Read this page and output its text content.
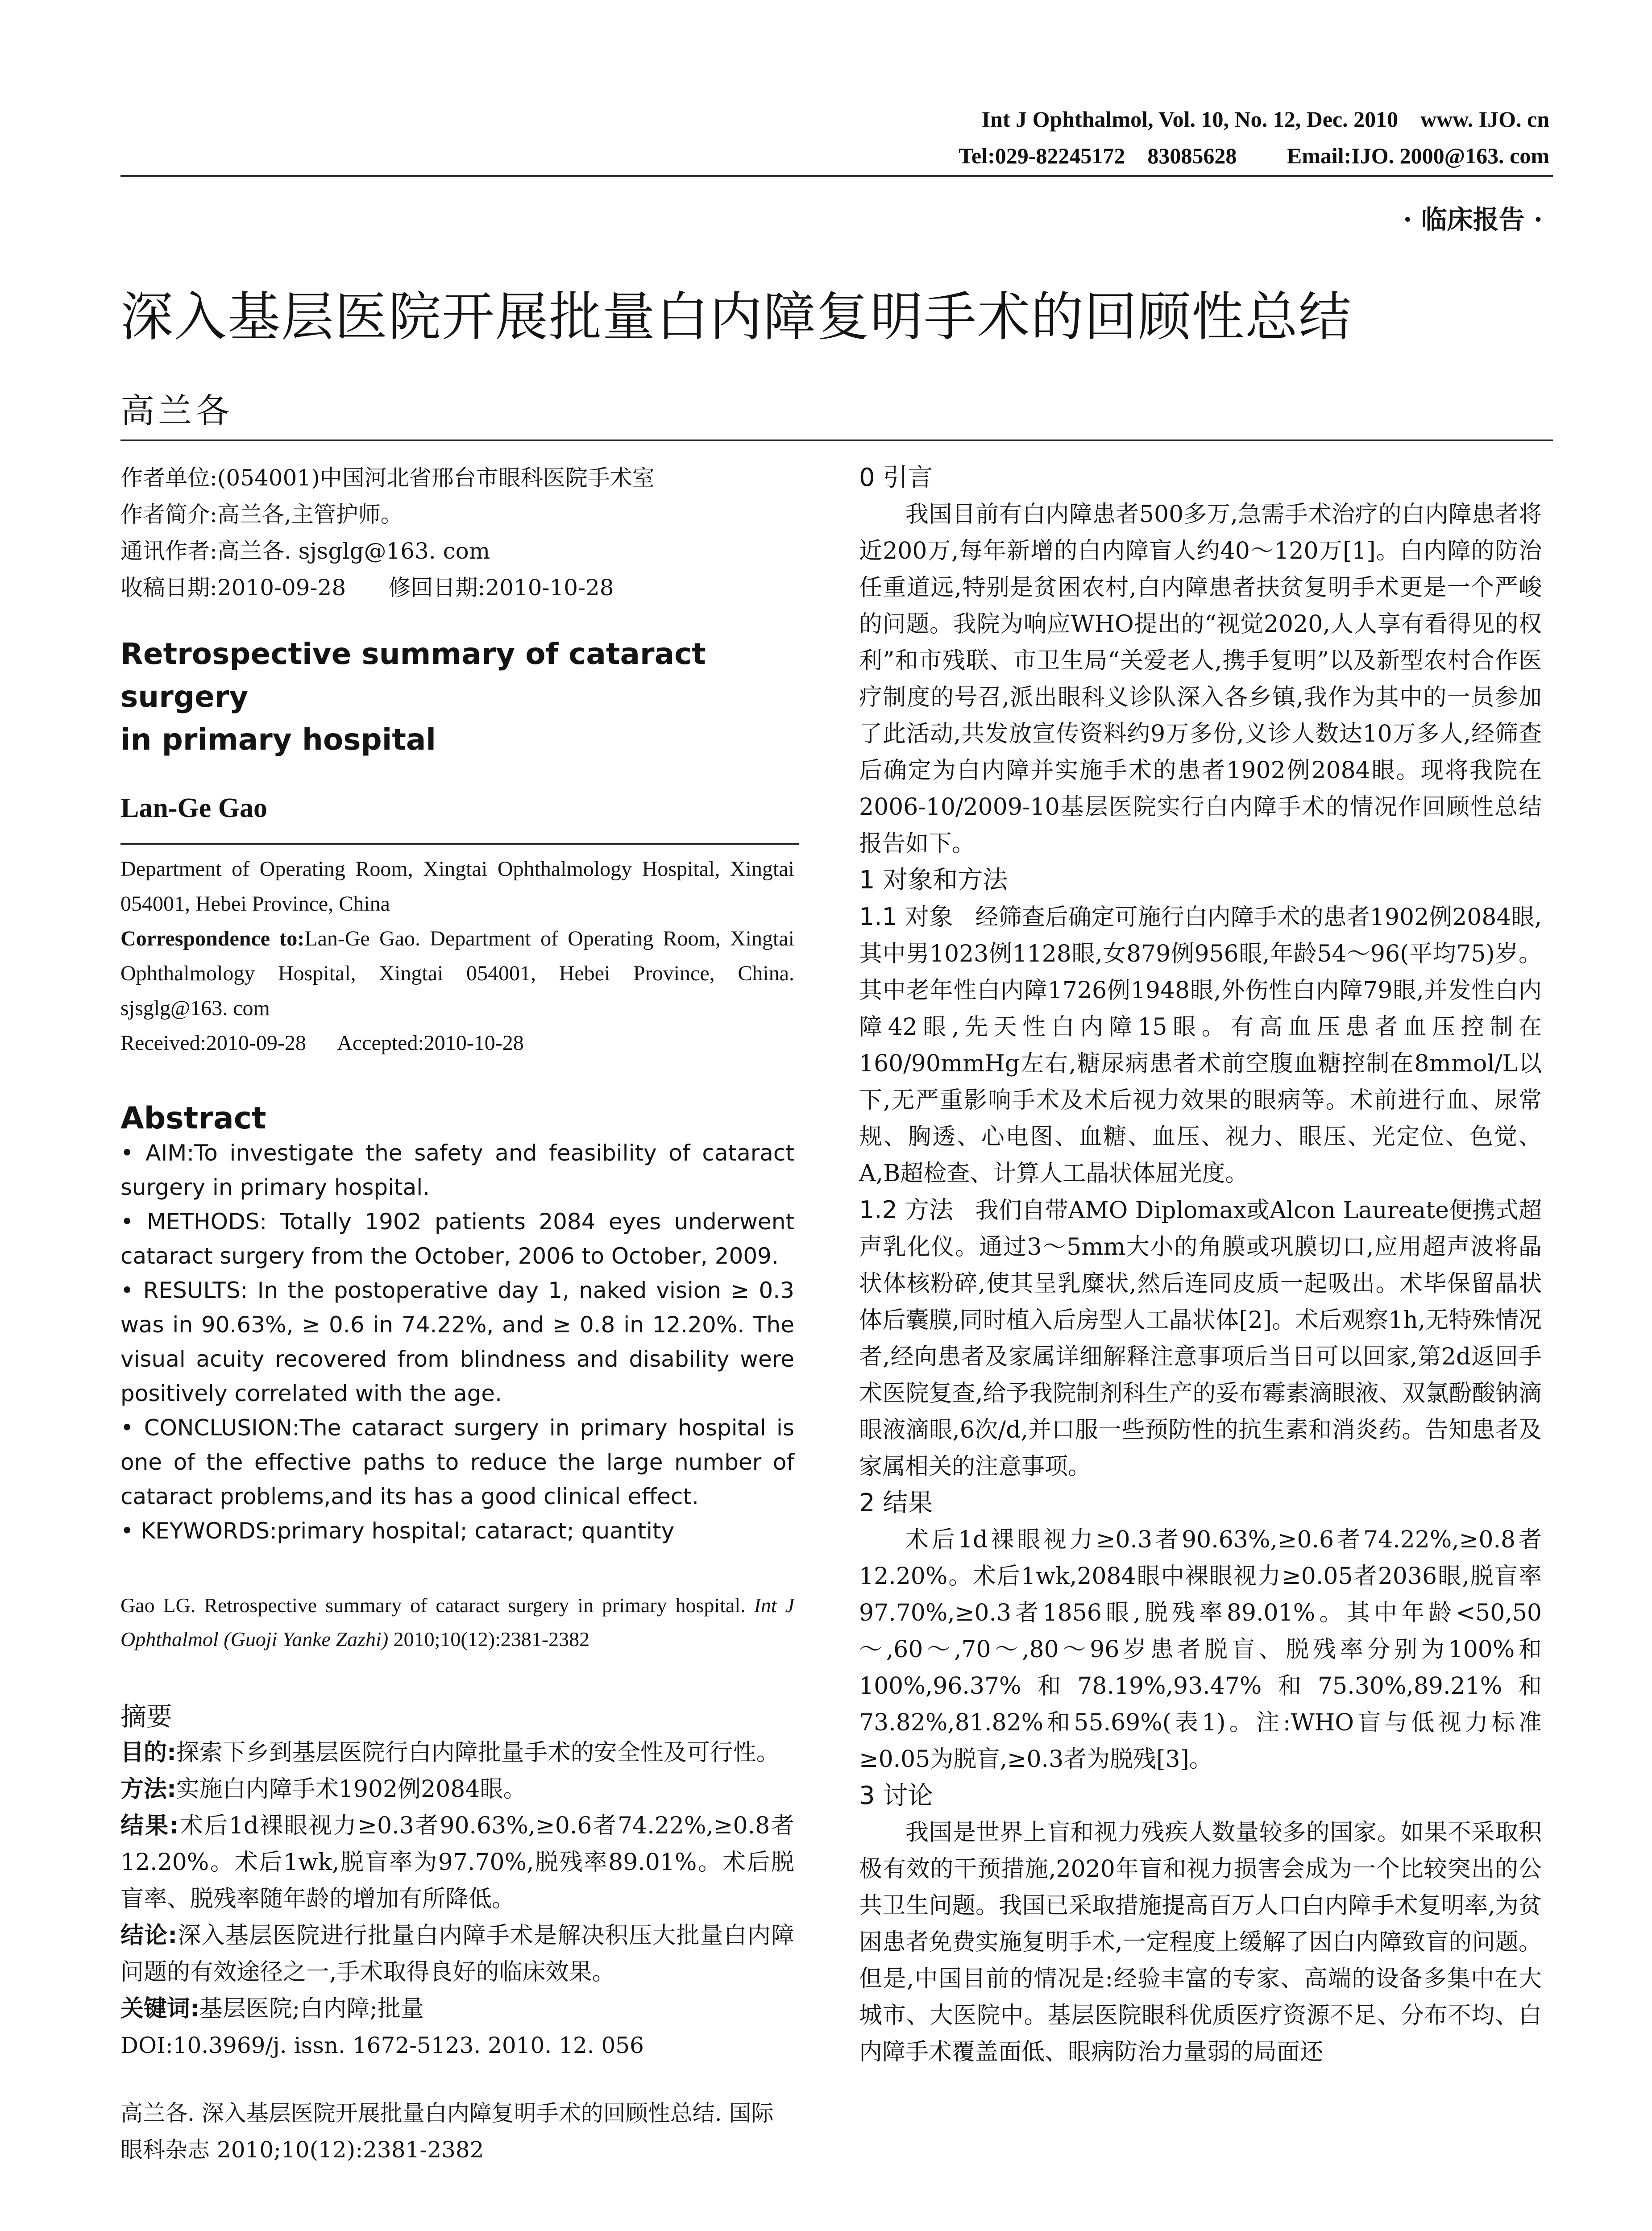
Int J Ophthalmol, Vol. 10, No. 12, Dec. 2010    www. IJO. cn
Tel:029-82245172    83085628         Email:IJO. 2000@163. com
· 临床报告 ·
深入基层医院开展批量白内障复明手术的回顾性总结
高兰各
作者单位:(054001)中国河北省邢台市眼科医院手术室
作者简介:高兰各,主管护师。
通讯作者:高兰各. sjsglg@163. com
收稿日期:2010-09-28      修回日期:2010-10-28
Retrospective summary of cataract surgery
in primary hospital
Lan-Ge Gao
Department of Operating Room, Xingtai Ophthalmology Hospital, Xingtai 054001, Hebei Province, China
Correspondence to:Lan-Ge Gao. Department of Operating Room, Xingtai Ophthalmology Hospital, Xingtai 054001, Hebei Province, China. sjsglg@163. com
Received:2010-09-28      Accepted:2010-10-28
Abstract
• AIM:To investigate the safety and feasibility of cataract surgery in primary hospital.
• METHODS: Totally 1902 patients 2084 eyes underwent cataract surgery from the October, 2006 to October, 2009.
• RESULTS: In the postoperative day 1, naked vision ≥ 0.3 was in 90.63%, ≥ 0.6 in 74.22%, and ≥ 0.8 in 12.20%. The visual acuity recovered from blindness and disability were positively correlated with the age.
• CONCLUSION:The cataract surgery in primary hospital is one of the effective paths to reduce the large number of cataract problems,and its has a good clinical effect.
• KEYWORDS:primary hospital; cataract; quantity
Gao LG. Retrospective summary of cataract surgery in primary hospital. Int J Ophthalmol (Guoji Yanke Zazhi) 2010;10(12):2381-2382
摘要
目的:探索下乡到基层医院行白内障批量手术的安全性及可行性。
方法:实施白内障手术1902例2084眼。
结果:术后1d裸眼视力≥0.3者90.63%,≥0.6者74.22%,≥0.8者12.20%。术后1wk,脱盲率为97.70%,脱残率89.01%。术后脱盲率、脱残率随年龄的增加有所降低。
结论:深入基层医院进行批量白内障手术是解决积压大批量白内障问题的有效途径之一,手术取得良好的临床效果。
关键词:基层医院;白内障;批量
DOI:10.3969/j. issn. 1672-5123. 2010. 12. 056
高兰各. 深入基层医院开展批量白内障复明手术的回顾性总结. 国际眼科杂志 2010;10(12):2381-2382
0 引言
我国目前有白内障患者500多万,急需手术治疗的白内障患者将近200万,每年新增的白内障盲人约40～120万[1]。白内障的防治任重道远,特别是贫困农村,白内障患者扶贫复明手术更是一个严峻的问题。我院为响应WHO提出的“视觉2020,人人享有看得见的权利”和市残联、市卫生局“关爱老人,携手复明”以及新型农村合作医疗制度的号召,派出眼科义诊队深入各乡镇,我作为其中的一员参加了此活动,共发放宣传资料约9万多份,义诊人数达10万多人,经筛查后确定为白内障并实施手术的患者1902例2084眼。现将我院在2006-10/2009-10基层医院实行白内障手术的情况作回顾性总结报告如下。
1 对象和方法
1.1 对象 经筛查后确定可施行白内障手术的患者1902例2084眼,其中男1023例1128眼,女879例956眼,年龄54～96(平均75)岁。其中老年性白内障1726例1948眼,外伤性白内障79眼,并发性白内障42眼,先天性白内障15眼。有高血压患者血压控制在160/90mmHg左右,糖尿病患者术前空腹血糖控制在8mmol/L以下,无严重影响手术及术后视力效果的眼病等。术前进行血、尿常规、胸透、心电图、血糖、血压、视力、眼压、光定位、色觉、A,B超检查、计算人工晶状体屈光度。
1.2 方法 我们自带AMO Diplomax或Alcon Laureate便携式超声乳化仪。通过3～5mm大小的角膜或巩膜切口,应用超声波将晶状体核粉碎,使其呈乳糜状,然后连同皮质一起吸出。术毕保留晶状体后囊膜,同时植入后房型人工晶状体[2]。术后观察1h,无特殊情况者,经向患者及家属详细解释注意事项后当日可以回家,第2d返回手术医院复查,给予我院制剂科生产的妥布霉素滴眼液、双氯酚酸钠滴眼液滴眼,6次/d,并口服一些预防性的抗生素和消炎药。告知患者及家属相关的注意事项。
2 结果
术后1d裸眼视力≥0.3者90.63%,≥0.6者74.22%,≥0.8者12.20%。术后1wk,2084眼中裸眼视力≥0.05者2036眼,脱盲率97.70%,≥0.3者1856眼,脱残率89.01%。其中年龄<50,50～,60～,70～,80～96岁患者脱盲、脱残率分别为100%和100%,96.37%和78.19%,93.47%和75.30%,89.21%和73.82%,81.82%和55.69%(表1)。注:WHO盲与低视力标准≥0.05为脱盲,≥0.3者为脱残[3]。
3 讨论
我国是世界上盲和视力残疾人数量较多的国家。如果不采取积极有效的干预措施,2020年盲和视力损害会成为一个比较突出的公共卫生问题。我国已采取措施提高百万人口白内障手术复明率,为贫困患者免费实施复明手术,一定程度上缓解了因白内障致盲的问题。但是,中国目前的情况是:经验丰富的专家、高端的设备多集中在大城市、大医院中。基层医院眼科优质医疗资源不足、分布不均、白内障手术覆盖面低、眼病防治力量弱的局面还
